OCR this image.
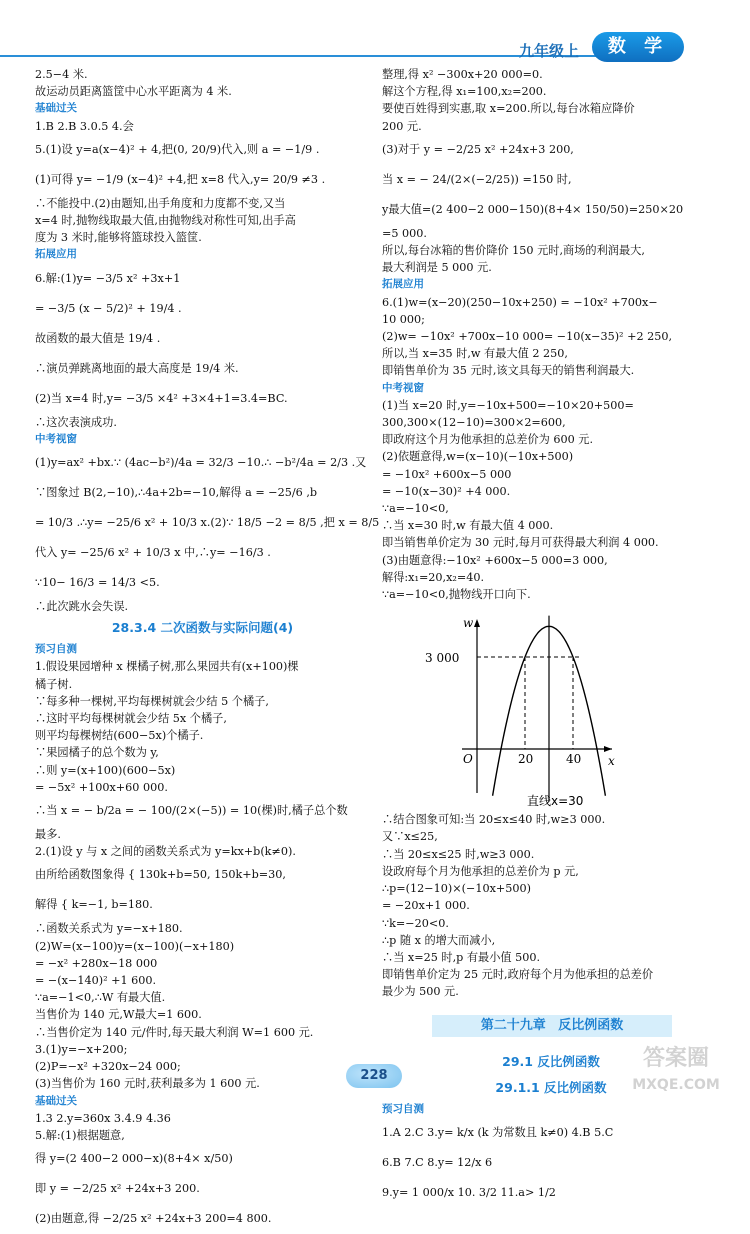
九年级上	数 学
2.5−4 米.
故运动员距离篮筐中心水平距离为 4 米.
基础过关
1.B 2.B 3.0.5 4.会
5.(1)设 y=a(x−4)² + 4,把(0, 20/9)代入,则 a = −1/9 .
(1)可得 y= −1/9 (x−4)² +4,把 x=8 代入,y= 20/9 ≠3 .
∴不能投中.(2)由题知,出手角度和力度都不变,又当
x=4 时,抛物线取最大值,由抛物线对称性可知,出手高
度为 3 米时,能够将篮球投入篮筐.
拓展应用
6.解:(1)y= −3/5 x² +3x+1
= −3/5 (x − 5/2)² + 19/4 .
故函数的最大值是 19/4 .
∴演员弹跳离地面的最大高度是 19/4 米.
(2)当 x=4 时,y= −3/5 ×4² +3×4+1=3.4=BC.
∴这次表演成功.
中考视窗
(1)y=ax² +bx.∵ (4ac−b²)/4a = 32/3 −10.∴ −b²/4a = 2/3 .又
∵图象过 B(2,−10),∴4a+2b=−10,解得 a = −25/6 ,b
= 10/3 .∴y= −25/6 x² + 10/3 x.(2)∵ 18/5 −2 = 8/5 ,把 x = 8/5
代入 y= −25/6 x² + 10/3 x 中,∴y= −16/3 .
∵10− 16/3 = 14/3 <5.
∴此次跳水会失误.
28.3.4 二次函数与实际问题(4)
预习自测
1.假设果园增种 x 棵橘子树,那么果园共有(x+100)棵
橘子树.
∵每多种一棵树,平均每棵树就会少结 5 个橘子,
∴这时平均每棵树就会少结 5x 个橘子,
则平均每棵树结(600−5x)个橘子.
∵果园橘子的总个数为 y,
∴则 y=(x+100)(600−5x)
= −5x² +100x+60 000.
∴当 x = − b/2a = − 100/(2×(−5)) = 10(棵)时,橘子总个数
最多.
2.(1)设 y 与 x 之间的函数关系式为 y=kx+b(k≠0).
由所给函数图象得 { 130k+b=50, 150k+b=30,
解得 { k=−1, b=180.
∴函数关系式为 y=−x+180.
(2)W=(x−100)y=(x−100)(−x+180)
= −x² +280x−18 000
= −(x−140)² +1 600.
∵a=−1<0,∴W 有最大值.
当售价为 140 元,W最大=1 600.
∴当售价定为 140 元/件时,每天最大利润 W=1 600 元.
3.(1)y=−x+200;
(2)P=−x² +320x−24 000;
(3)当售价为 160 元时,获利最多为 1 600 元.
基础过关
1.3 2.y=360x 3.4.9 4.36
5.解:(1)根据题意,
得 y=(2 400−2 000−x)(8+4× x/50)
即 y = −2/25 x² +24x+3 200.
(2)由题意,得 −2/25 x² +24x+3 200=4 800.
整理,得 x² −300x+20 000=0.
解这个方程,得 x₁=100,x₂=200.
要使百姓得到实惠,取 x=200.所以,每台冰箱应降价
200 元.
(3)对于 y = −2/25 x² +24x+3 200,
当 x = − 24/(2×(−2/25)) =150 时,
y最大值=(2 400−2 000−150)(8+4× 150/50)=250×20
=5 000.
所以,每台冰箱的售价降价 150 元时,商场的利润最大,
最大利润是 5 000 元.
拓展应用
6.(1)w=(x−20)(250−10x+250) = −10x² +700x−
10 000;
(2)w= −10x² +700x−10 000= −10(x−35)² +2 250,
所以,当 x=35 时,w 有最大值 2 250,
即销售单价为 35 元时,该文具每天的销售利润最大.
中考视窗
(1)当 x=20 时,y=−10x+500=−10×20+500=
300,300×(12−10)=300×2=600,
即政府这个月为他承担的总差价为 600 元.
(2)依题意得,w=(x−10)(−10x+500)
= −10x² +600x−5 000
= −10(x−30)² +4 000.
∵a=−10<0,
∴当 x=30 时,w 有最大值 4 000.
即当销售单价定为 30 元时,每月可获得最大利润 4 000.
(3)由题意得:−10x² +600x−5 000=3 000,
解得:x₁=20,x₂=40.
∵a=−10<0,抛物线开口向下.
w
x
O
3 000
20	40
直线x=30
∴结合图象可知:当 20≤x≤40 时,w≥3 000.
又∵x≤25,
∴当 20≤x≤25 时,w≥3 000.
设政府每个月为他承担的总差价为 p 元,
∴p=(12−10)×(−10x+500)
= −20x+1 000.
∵k=−20<0.
∴p 随 x 的增大而减小,
∴当 x=25 时,p 有最小值 500.
即销售单价定为 25 元时,政府每个月为他承担的总差价
最少为 500 元.
第二十九章 反比例函数
29.1 反比例函数
29.1.1 反比例函数
预习自测
1.A 2.C 3.y= k/x (k 为常数且 k≠0) 4.B 5.C
6.B 7.C 8.y= 12/x 6
9.y= 1 000/x 10. 3/2 11.a> 1/2
228
答案圈
MXQE.COM
